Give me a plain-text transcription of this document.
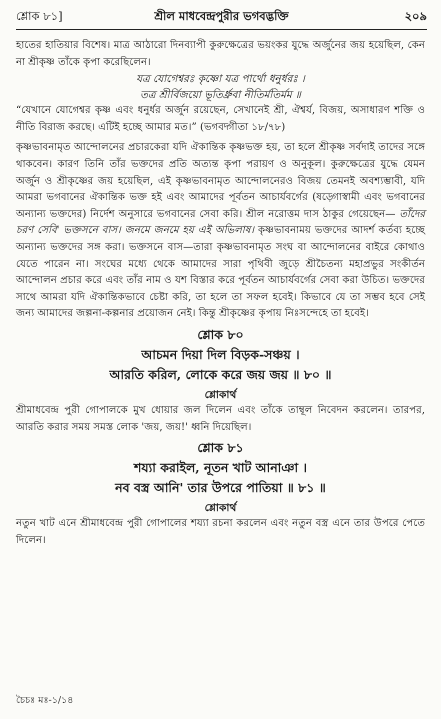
শ্লোক ৮১]	শ্রীল মাধবেন্দ্রপুরীর ভগবদ্ভক্তি	২০৯

হাতের হাতিয়ার বিশেষ। মাত্র আঠারো দিনব্যাপী কুরুক্ষেত্রের ভয়ংকর যুদ্ধে অর্জুনের জয় হয়েছিল, কেন না শ্রীকৃষ্ণ তাঁকে কৃপা করেছিলেন।

যত্র যোগেশ্বরঃ কৃষ্ণো যত্র পার্থো ধনুর্ধরঃ ।
তত্র শ্রীর্বিজয়ো ভূতির্ধ্রুবা নীতির্মতির্মম ॥

“যেখানে যোগেশ্বর কৃষ্ণ এবং ধনুর্ধর অর্জুন রয়েছেন, সেখানেই শ্রী, ঐশ্বর্য, বিজয়, অসাধারণ শক্তি ও নীতি বিরাজ করছে। এটিই হচ্ছে আমার মত।” (ভগবদ্গীতা ১৮/৭৮)

কৃষ্ণভাবনামৃত আন্দোলনের প্রচারকেরা যদি ঐকান্তিক কৃষ্ণভক্ত হয়, তা হলে শ্রীকৃষ্ণ সর্বদাই তাদের সঙ্গে থাকবেন। কারণ তিনি তাঁর ভক্তদের প্রতি অত্যন্ত কৃপা পরায়ণ ও অনুকূল। কুরুক্ষেত্রের যুদ্ধে যেমন অর্জুন ও শ্রীকৃষ্ণের জয় হয়েছিল, এই কৃষ্ণভাবনামৃত আন্দোলনেরও বিজয় তেমনই অবশ্যম্ভাবী, যদি আমরা ভগবানের ঐকান্তিক ভক্ত হই এবং আমাদের পূর্বতন আচার্যবর্গের (ষড়্গোস্বামী এবং ভগবানের অন্যান্য ভক্তদের) নির্দেশ অনুসারে ভগবানের সেবা করি। শ্রীল নরোত্তম দাস ঠাকুর গেয়েছেন— তাঁদের চরণ সেবি' ভক্তসনে বাস। জনমে জনমে হয় এই অভিলাষ। কৃষ্ণভাবনাময় ভক্তদের আদর্শ কর্তব্য হচ্ছে অন্যান্য ভক্তদের সঙ্গ করা। ভক্তসনে বাস—তারা কৃষ্ণভাবনামৃত সংঘ বা আন্দোলনের বাইরে কোথাও যেতে পারেন না। সংঘের মধ্যে থেকে আমাদের সারা পৃথিবী জুড়ে শ্রীচৈতন্য মহাপ্রভুর সংকীর্তন আন্দোলন প্রচার করে এবং তাঁর নাম ও যশ বিস্তার করে পূর্বতন আচার্যবর্গের সেবা করা উচিত। ভক্তদের সাথে আমরা যদি ঐকান্তিকভাবে চেষ্টা করি, তা হলে তা সফল হবেই। কিভাবে যে তা সম্ভব হবে সেই জন্য আমাদের জল্পনা-কল্পনার প্রয়োজন নেই। কিন্তু শ্রীকৃষ্ণের কৃপায় নিঃসন্দেহে তা হবেই।

শ্লোক ৮০
আচমন দিয়া দিল বিড়ক-সঞ্চয় ।
আরতি করিল, লোকে করে জয় জয় ॥ ৮০ ॥
শ্লোকার্থ

শ্রীমাধবেন্দ্র পুরী গোপালকে মুখ ধোয়ার জল দিলেন এবং তাঁকে তাম্বূল নিবেদন করলেন। তারপর, আরতি করার সময় সমস্ত লোক 'জয়, জয়!' ধ্বনি দিয়েছিল।

শ্লোক ৮১
শয্যা করাইল, নূতন খাট আনাঞা ।
নব বস্ত্র আনি' তার উপরে পাতিয়া ॥ ৮১ ॥
শ্লোকার্থ

নতুন খাট এনে শ্রীমাধবেন্দ্র পুরী গোপালের শয্যা রচনা করলেন এবং নতুন বস্ত্র এনে তার উপরে পেতে দিলেন।

চৈচঃ মঃ-১/১৪
